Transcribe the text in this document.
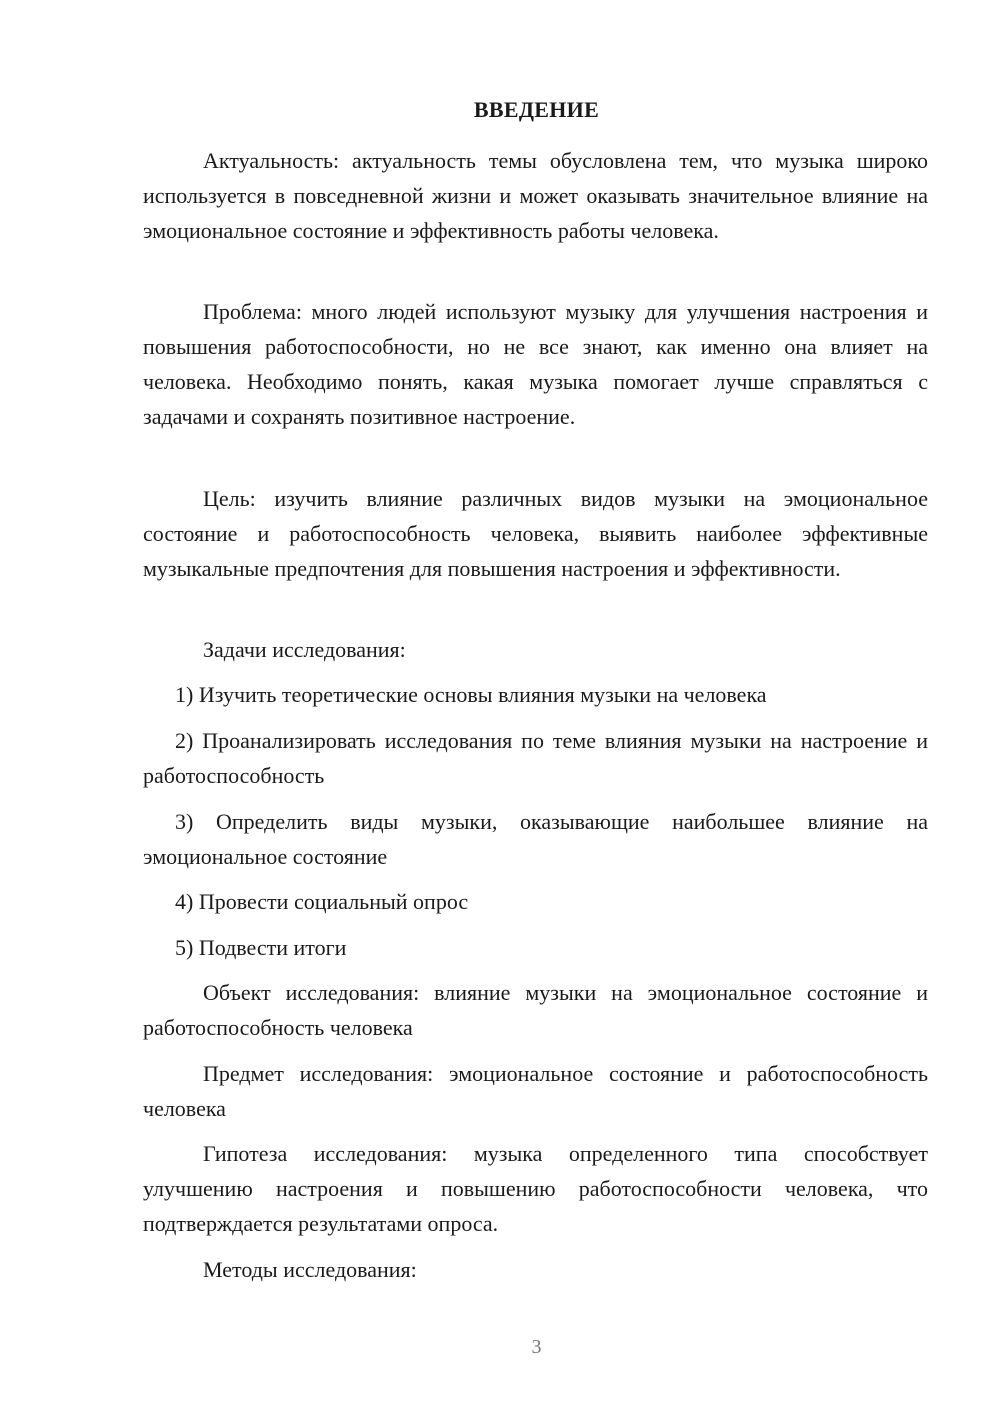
ВВЕДЕНИЕ

Актуальность: актуальность темы обусловлена тем, что музыка широко используется в повседневной жизни и может оказывать значительное влияние на эмоциональное состояние и эффективность работы человека.

Проблема: много людей используют музыку для улучшения настроения и повышения работоспособности, но не все знают, как именно она влияет на человека. Необходимо понять, какая музыка помогает лучше справляться с задачами и сохранять позитивное настроение.

Цель: изучить влияние различных видов музыки на эмоциональное состояние и работоспособность человека, выявить наиболее эффективные музыкальные предпочтения для повышения настроения и эффективности.

Задачи исследования:

1) Изучить теоретические основы влияния музыки на человека

2) Проанализировать исследования по теме влияния музыки на настроение и работоспособность

3) Определить виды музыки, оказывающие наибольшее влияние на эмоциональное состояние

4) Провести социальный опрос

5) Подвести итоги

Объект исследования: влияние музыки на эмоциональное состояние и работоспособность человека

Предмет исследования: эмоциональное состояние и работоспособность человека

Гипотеза исследования: музыка определенного типа способствует улучшению настроения и повышению работоспособности человека, что подтверждается результатами опроса.

Методы исследования:

3
